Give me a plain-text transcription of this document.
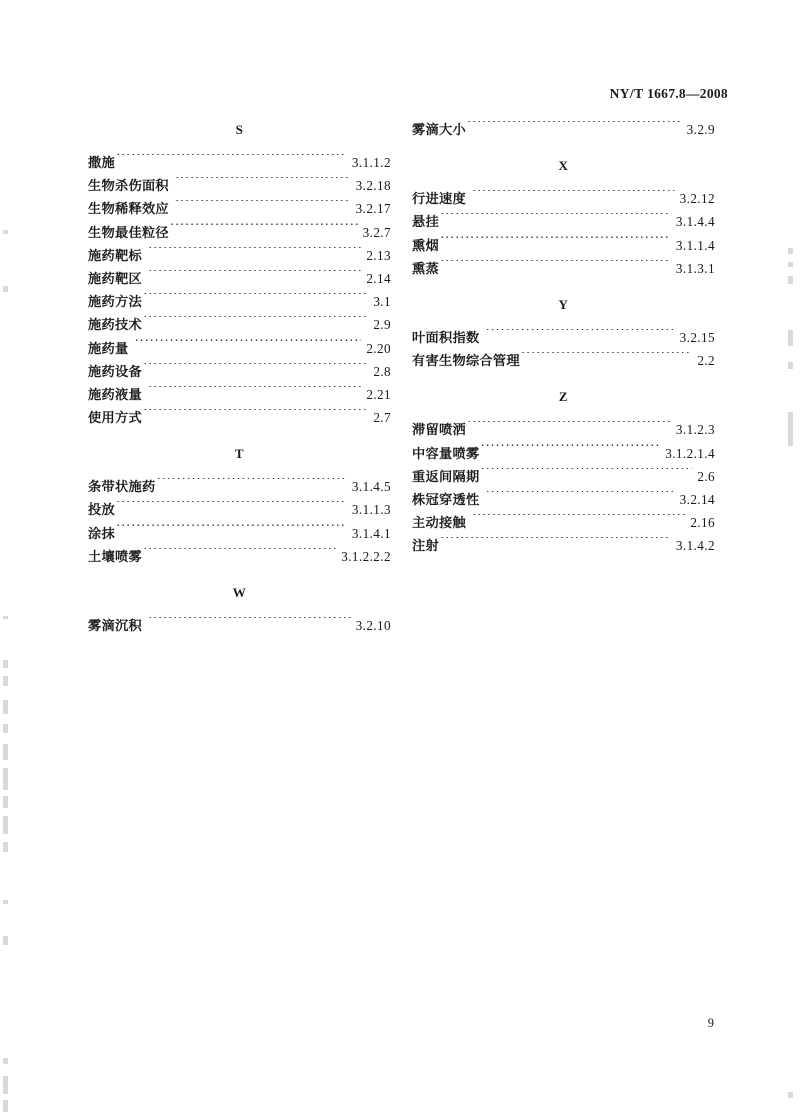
NY/T 1667.8—2008
S
撒施 ·····	3.1.1.2
生物杀伤面积 ·····	3.2.18
生物稀释效应 ·····	3.2.17
生物最佳粒径 ·····	3.2.7
施药靶标 ·····	2.13
施药靶区 ·····	2.14
施药方法 ·····	3.1
施药技术 ·····	2.9
施药量 ·····	2.20
施药设备 ·····	2.8
施药液量 ·····	2.21
使用方式 ·····	2.7
T
条带状施药 ·····	3.1.4.5
投放 ·····	3.1.1.3
涂抹 ·····	3.1.4.1
土壤喷雾 ·····	3.1.2.2.2
W
雾滴沉积 ·····	3.2.10
雾滴大小 ·····	3.2.9
X
行进速度 ·····	3.2.12
悬挂 ·····	3.1.4.4
熏烟 ·····	3.1.1.4
熏蒸 ·····	3.1.3.1
Y
叶面积指数 ·····	3.2.15
有害生物综合管理 ·····	2.2
Z
滞留喷洒 ·····	3.1.2.3
中容量喷雾 ·····	3.1.2.1.4
重返间隔期 ·····	2.6
株冠穿透性 ·····	3.2.14
主动接触 ·····	2.16
注射 ·····	3.1.4.2
9
